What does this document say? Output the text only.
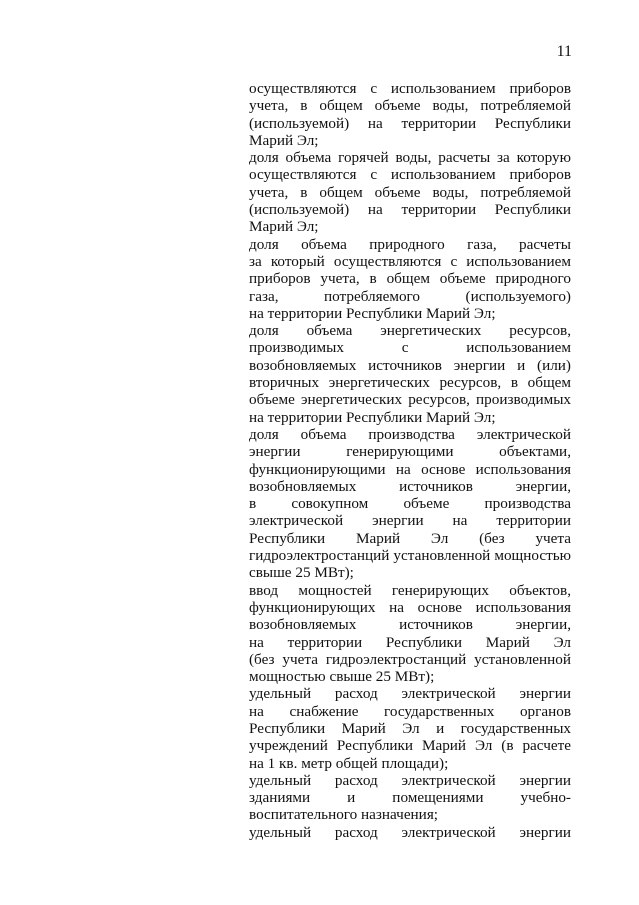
11
осуществляются с использованием приборов
учета, в общем объеме воды, потребляемой
(используемой) на территории Республики
Марий Эл;
доля объема горячей воды, расчеты за которую
осуществляются с использованием приборов
учета, в общем объеме воды, потребляемой
(используемой) на территории Республики
Марий Эл;
доля объема природного газа, расчеты
за который осуществляются с использованием
приборов учета, в общем объеме природного
газа, потребляемого (используемого)
на территории Республики Марий Эл;
доля объема энергетических ресурсов,
производимых с использованием
возобновляемых источников энергии и (или)
вторичных энергетических ресурсов, в общем
объеме энергетических ресурсов, производимых
на территории Республики Марий Эл;
доля объема производства электрической
энергии генерирующими объектами,
функционирующими на основе использования
возобновляемых источников энергии,
в совокупном объеме производства
электрической энергии на территории
Республики Марий Эл (без учета
гидроэлектростанций установленной мощностью
свыше 25 МВт);
ввод мощностей генерирующих объектов,
функционирующих на основе использования
возобновляемых источников энергии,
на территории Республики Марий Эл
(без учета гидроэлектростанций установленной
мощностью свыше 25 МВт);
удельный расход электрической энергии
на снабжение государственных органов
Республики Марий Эл и государственных
учреждений Республики Марий Эл (в расчете
на 1 кв. метр общей площади);
удельный расход электрической энергии
зданиями и помещениями учебно-
воспитательного назначения;
удельный расход электрической энергии
